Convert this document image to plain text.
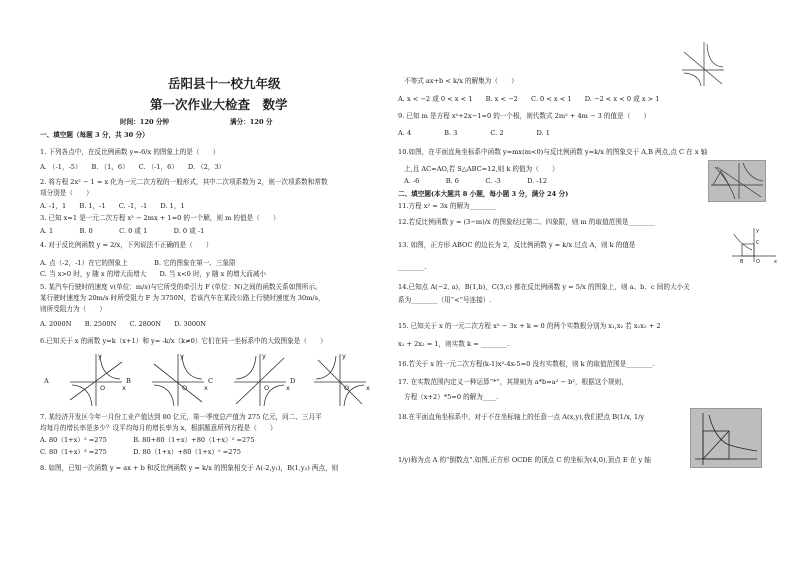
岳阳县十一校九年级
第一次作业大检查　数学
时间：120 分钟	满分：120 分
一、填空题（每题 3 分，共 30 分）
1. 下列各点中，在反比例函数 y=-6/x 的图象上的是（　　）
A. （-1，-5）　　B. （1，6）　　C. （-1，6）　　D. （2，3）
2. 将方程 2x² − 1 = x 化为一元二次方程的一般形式，其中二次项系数为 2，则一次项系数和常数
项分别是（　　）
A. -1，1　　B. 1，-1　　C. -1，-1　　D. 1，1
3. 已知 x=1 是一元二次方程 x² − 2mx + 1=0 的一个解，则 m 的值是（　　）
A. 1　　　　B. 0　　　　C. 0 或 1　　　　D. 0 或 -1
4. 对于反比例函数 y = 2/x，下列说法不正确的是（　　）
A. 点（-2，-1）在它的图象上　　　　B. 它的图象在第一、三象限
C. 当 x>0 时，y 随 x 的增大而增大　　D. 当 x<0 时，y 随 x 的增大而减小
5. 某汽车行驶时的速度 v(单位：m/s)与它所受的牵引力 F (单位：N)之间的函数关系如图所示。
某行驶时速度为 20m/s 时所受阻力 F 为 3750N，若该汽车在某段公路上行驶时速度为 30m/s，
则所受阻力为（　　）
A. 2000N　　B. 2500N　　C. 2800N　　D. 3000N
6.已知关于 x 的函数 y=k（x+1）和 y= -k/x（k≠0）它们在同一坐标系中的大致图象是（　　）
O	O	O	O
x	x	x	x
y	y	y	y
A	B	C	D
7. 某经济开发区今年一月份工业产值达到 80 亿元，第一季度总产值为 275 亿元，问二、三月平
均每月的增长率是多少？设平均每月的增长率为 x，根据题意所列方程是（　　）
A. 80（1+x）² =275　　　　B. 80+80（1+x）+80（1+x）² =275
C. 80（1+x）³ =275　　　　D. 80（1+x）+80（1+x）² =275
8. 如图，已知一次函数 y = ax + b 和反比例函数 y = k/x 的图象相交于 A(-2,y₁)，B(1,y₂) 两点，则
不等式 ax+b < k/x 的解集为（　　）
A. x < −2 或 0 < x < 1　　B. x < −2　　C. 0 < x < 1　　D. −2 < x < 0 或 x > 1
9. 已知 m 是方程 x²+2x−1=0 的一个根，则代数式 2m² + 4m − 3 的值是（　　）
A. 4　　　　　B. 3　　　　　C. 2　　　　　D. 1
10.如图，在平面直角坐标系中函数 y=mx(m<0)与反比例函数 y=k/x 的图象交于 A,B 两点,点 C 在 x 轴
上,且 AC=AO,若 S△ABC=12,则 k 的值为（　　）
A. -6　　　　B. 6　　　　C. -3　　　　D. -12
二、填空题(本大题共 8 小题，每小题 3 分，满分 24 分)
11.方程 x² = 3x 的解为________
12.若反比例函数 y = (3−m)/x 的图象经过第二、四象限，则 m 的取值范围是________
13. 如图，正方形 ABOC 的边长为 2，反比例函数 y = k/x 过点 A，则 k 的值是
________.
14.已知点 A(−2, a)，B(1,b)，C(3,c) 都在反比例函数 y = 5/x 的图象上，则 a、b、c 间的大小关
系为________（用“<”号连接）.
15. 已知关于 x 的一元二次方程 x² − 3x + k = 0 的两个实数根分别为 x₁,x₂ 若 x₁x₂ + 2
x₁ + 2x₂ = 1，则实数 k = ________.
16.若关于 x 的一元二次方程(k-1)x²-4x-5=0 没有实数根，则 k 的取值范围是________.
17. 在实数范围内定义一种运算“*”，其规则为 a*b=a² − b²，根据这个规则，
方程（x+2）*5=0 的解为____.
18.在平面直角坐标系中，对于不在坐标轴上的任意一点 A(x,y),我们把点 B(1/x, 1/y
1/y)称为点 A 的“倒数点”.如图,正方形 OCDE 的顶点 C 的坐标为(4,0),顶点 E 在 y 轴
C
B	O	x
y
